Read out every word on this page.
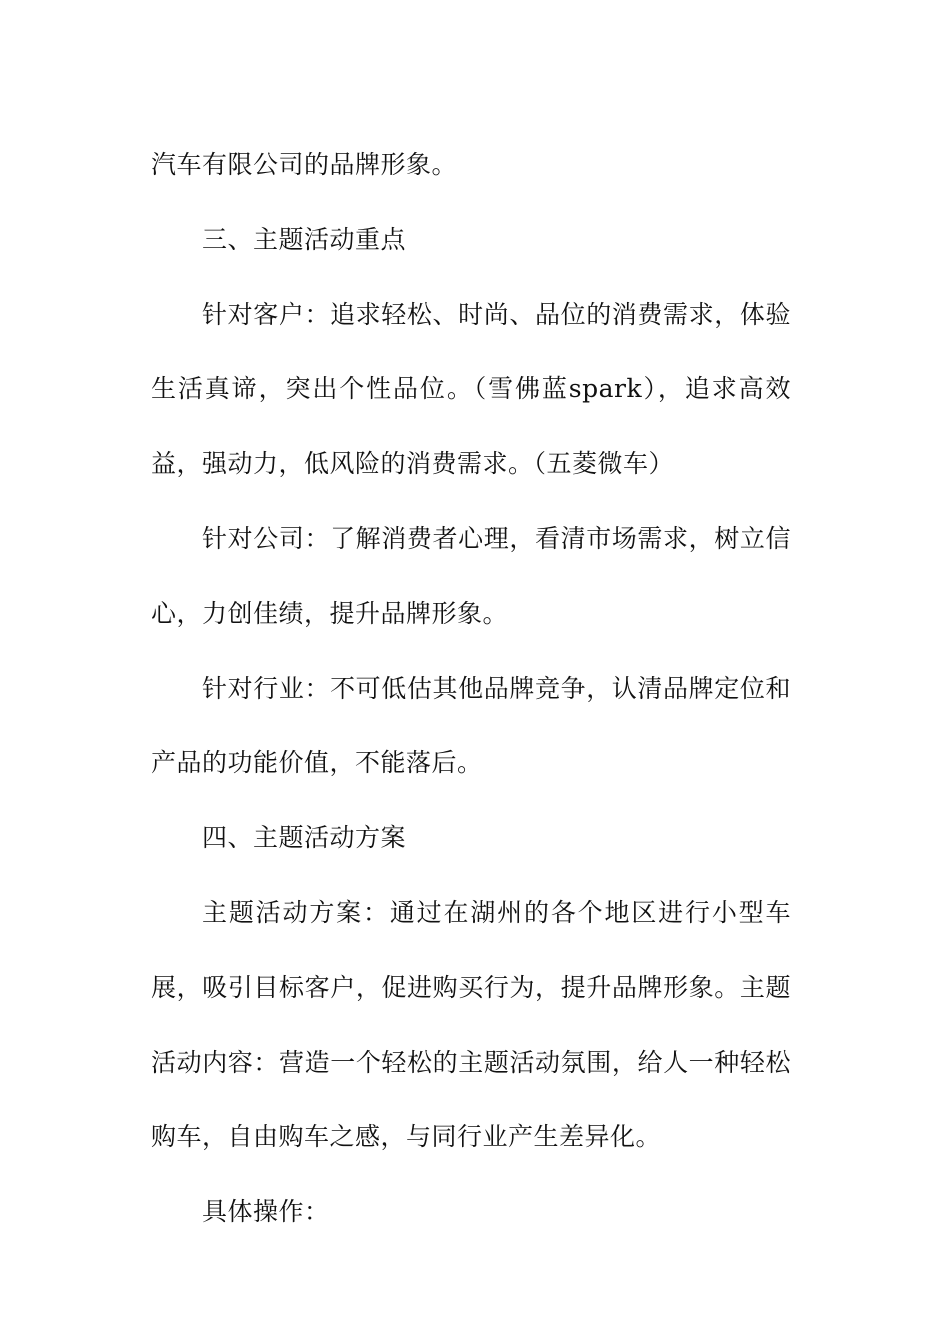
汽车有限公司的品牌形象。

三、主题活动重点

针对客户：追求轻松、时尚、品位的消费需求，体验生活真谛，突出个性品位。（雪佛蓝spark），追求高效益，强动力，低风险的消费需求。（五菱微车）

针对公司：了解消费者心理，看清市场需求，树立信心，力创佳绩，提升品牌形象。

针对行业：不可低估其他品牌竞争，认清品牌定位和产品的功能价值，不能落后。

四、主题活动方案

主题活动方案：通过在湖州的各个地区进行小型车展，吸引目标客户，促进购买行为，提升品牌形象。主题活动内容：营造一个轻松的主题活动氛围，给人一种轻松购车，自由购车之感，与同行业产生差异化。

具体操作：
